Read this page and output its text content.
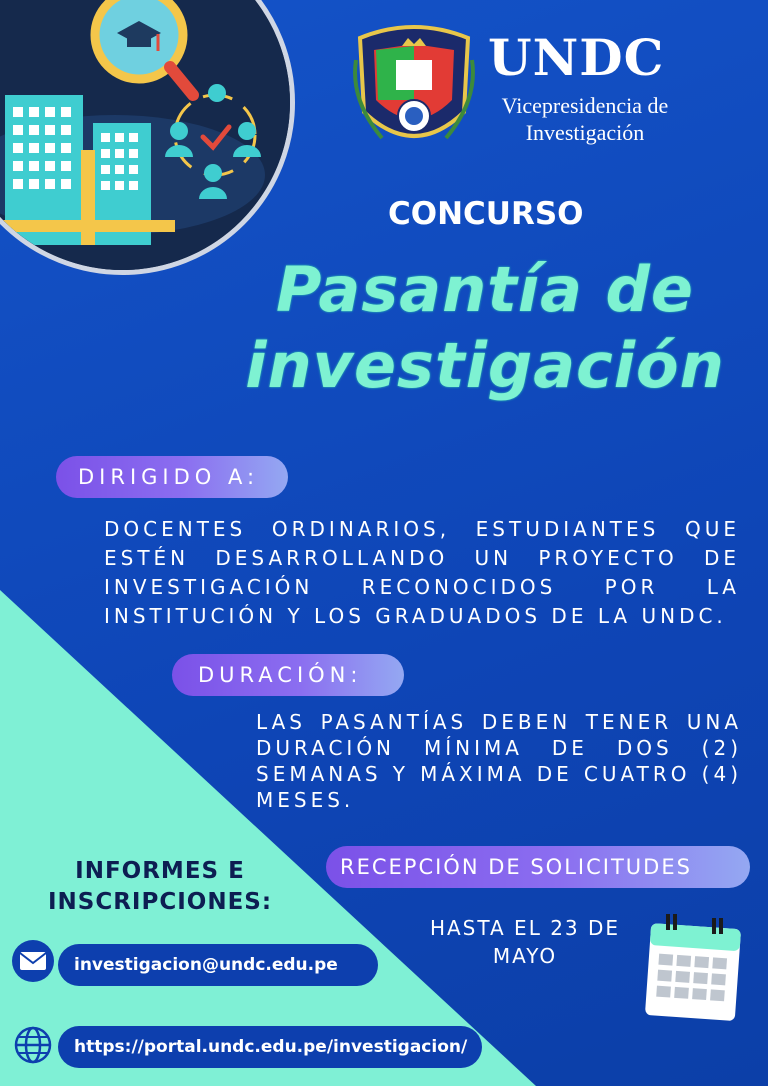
UNDC
Vicepresidencia de
Investigación
CONCURSO
Pasantía de
investigación
DIRIGIDO A:
DOCENTES ORDINARIOS, ESTUDIANTES QUE ESTÉN DESARROLLANDO UN PROYECTO DE INVESTIGACIÓN RECONOCIDOS POR LA INSTITUCIÓN Y LOS GRADUADOS DE LA UNDC.
DURACIÓN:
LAS PASANTÍAS DEBEN TENER UNA DURACIÓN MÍNIMA DE DOS (2) SEMANAS Y MÁXIMA DE CUATRO (4) MESES.
RECEPCIÓN DE SOLICITUDES
HASTA EL 23 DE
MAYO
INFORMES E
INSCRIPCIONES:
investigacion@undc.edu.pe
https://portal.undc.edu.pe/investigacion/
